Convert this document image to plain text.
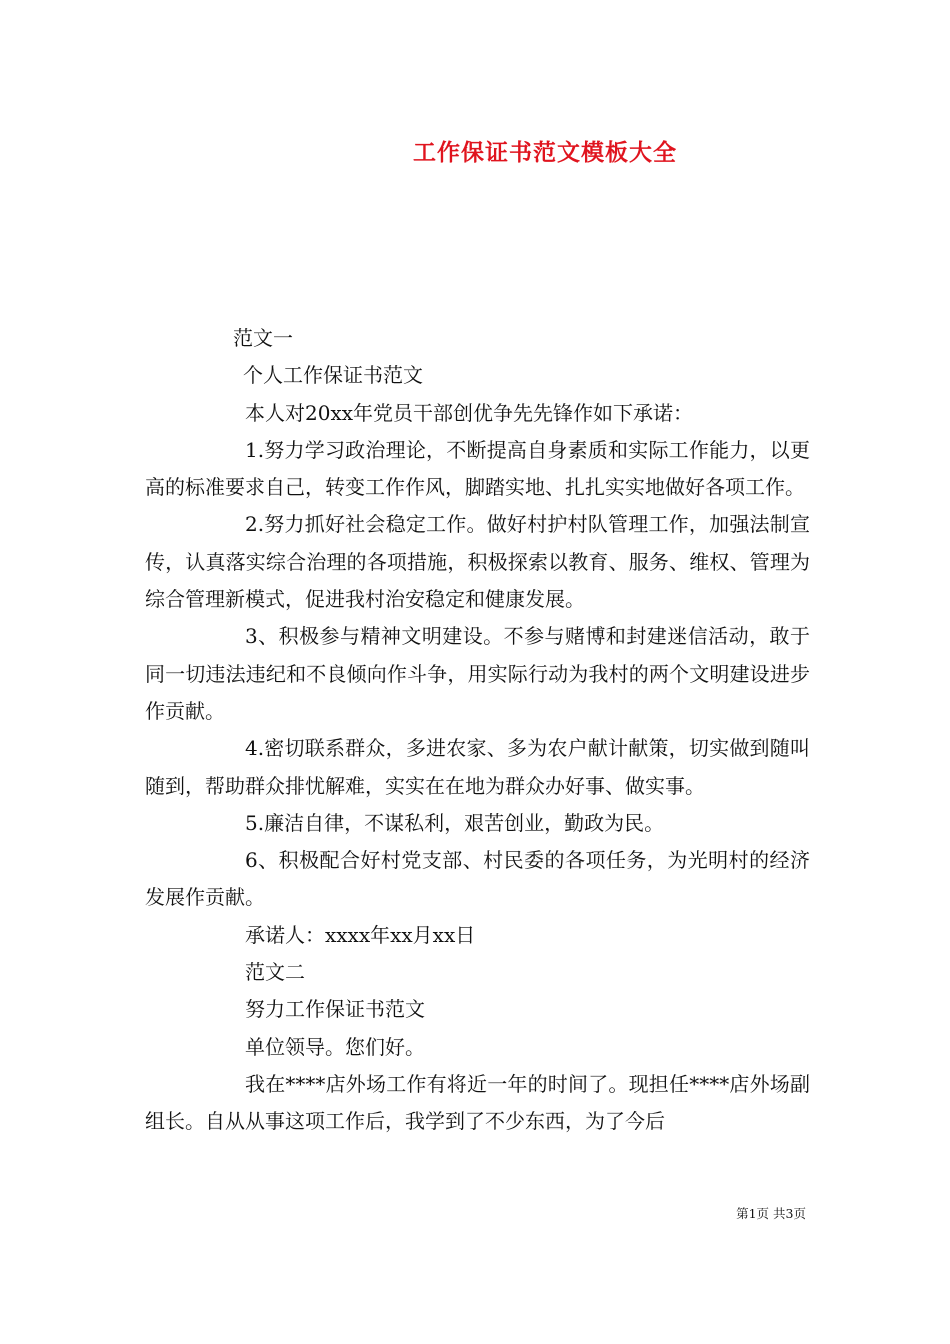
工作保证书范文模板大全

范文一

个人工作保证书范文

本人对20xx年党员干部创优争先先锋作如下承诺：

1.努力学习政治理论，不断提高自身素质和实际工作能力，以更高的标准要求自己，转变工作作风，脚踏实地、扎扎实实地做好各项工作。

2.努力抓好社会稳定工作。做好村护村队管理工作，加强法制宣传，认真落实综合治理的各项措施，积极探索以教育、服务、维权、管理为综合管理新模式，促进我村治安稳定和健康发展。

3、积极参与精神文明建设。不参与赌博和封建迷信活动，敢于同一切违法违纪和不良倾向作斗争，用实际行动为我村的两个文明建设进步作贡献。

4.密切联系群众，多进农家、多为农户献计献策，切实做到随叫随到，帮助群众排忧解难，实实在在地为群众办好事、做实事。

5.廉洁自律，不谋私利，艰苦创业，勤政为民。

6、积极配合好村党支部、村民委的各项任务，为光明村的经济发展作贡献。

承诺人：xxxx年xx月xx日

范文二

努力工作保证书范文

单位领导。您们好。

我在****店外场工作有将近一年的时间了。现担任****店外场副组长。自从从事这项工作后，我学到了不少东西，为了今后

第1页 共3页
